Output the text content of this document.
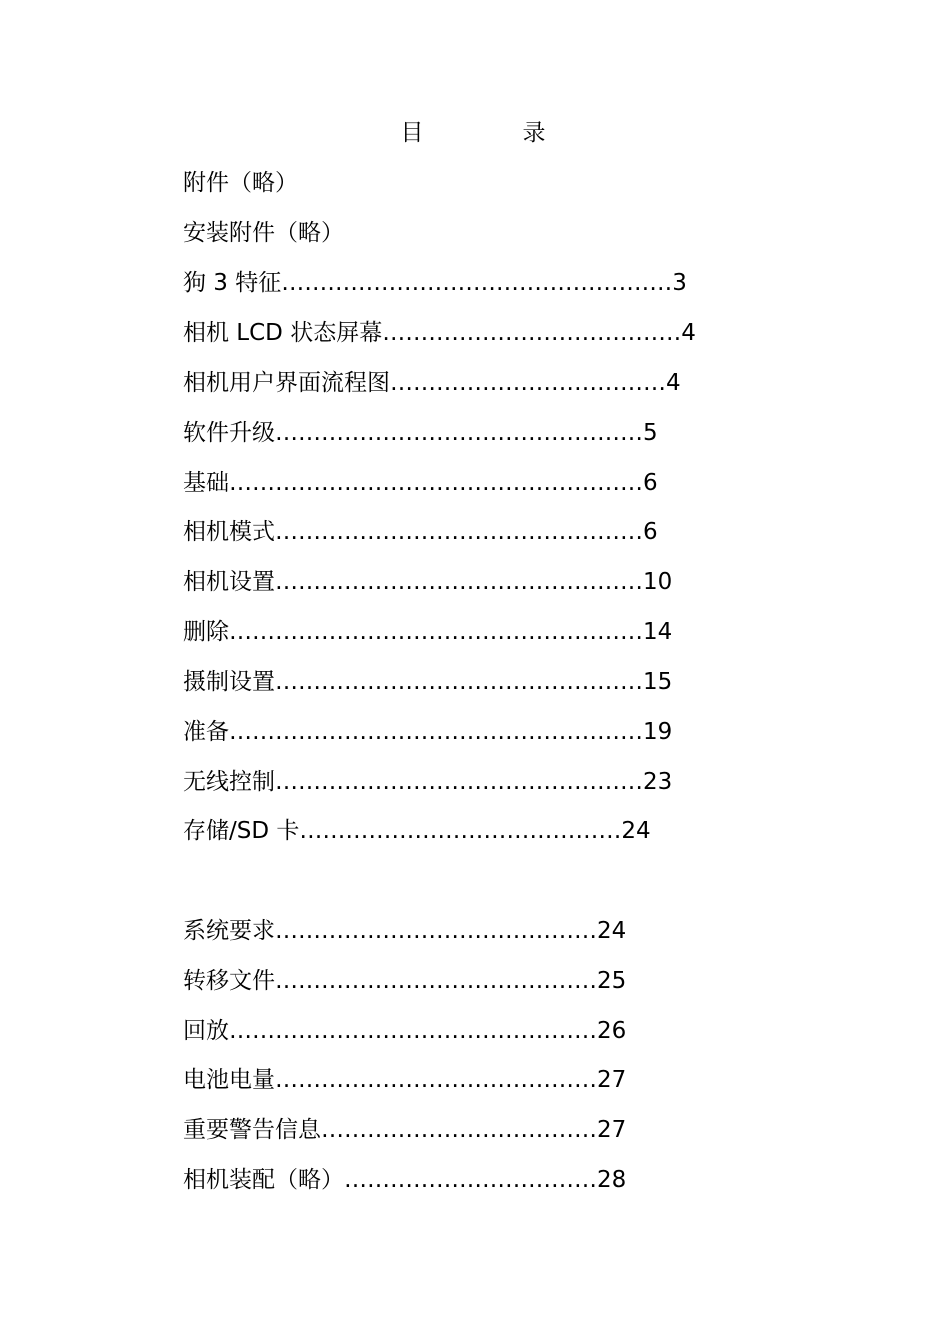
目　录
附件（略）
安装附件（略）
狗 3 特征……………………………………………3
相机 LCD 状态屏幕…………………………………4
相机用户界面流程图………………………………4
软件升级…………………………………………5
基础………………………………………………6
相机模式…………………………………………6
相机设置…………………………………………10
删除………………………………………………14
摄制设置…………………………………………15
准备………………………………………………19
无线控制…………………………………………23
存储/SD 卡……………………………………24
系统要求……………………………………24
转移文件……………………………………25
回放…………………………………………26
电池电量……………………………………27
重要警告信息………………………………27
相机装配（略）……………………………28
